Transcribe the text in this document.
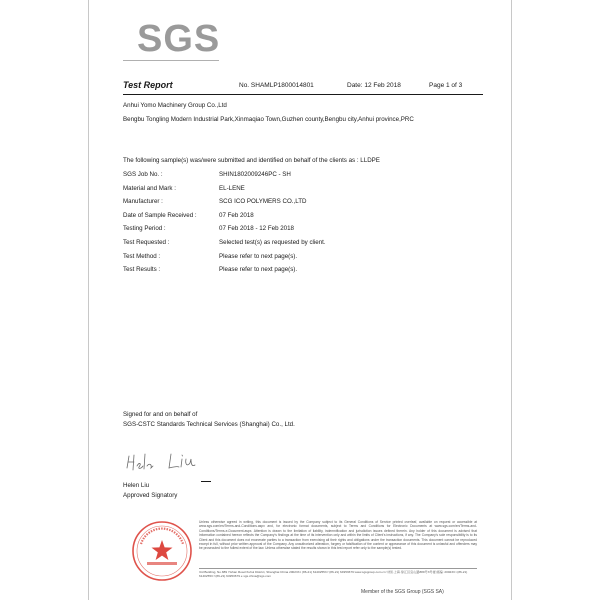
SGS
Test Report	No. SHAMLP1800014801	Date: 12 Feb 2018	Page 1 of 3
Anhui Yomo Machinery Group Co.,Ltd
Bengbu Tongling Modern Industrial Park,Xinmaqiao Town,Guzhen county,Bengbu city,Anhui province,PRC
The following sample(s) was/were submitted and identified on behalf of the clients as : LLDPE
SGS Job No. :	SHIN1802009246PC - SH
Material and Mark :	EL-LENE
Manufacturer :	SCG ICO POLYMERS CO.,LTD
Date of Sample Received :	07 Feb 2018
Testing Period :	07 Feb 2018 - 12 Feb 2018
Test Requested :	Selected test(s) as requested by client.
Test Method :	Please refer to next page(s).
Test Results :	Please refer to next page(s).
Signed for and on behalf of
SGS-CSTC Standards Technical Services (Shanghai) Co., Ltd.
Helen Liu
Approved Signatory
Unless otherwise agreed in writing, this document is issued by the Company subject to its General Conditions of Service printed overleaf, available on request or accessible at www.sgs.com/en/Terms-and-Conditions.aspx and, for electronic format documents, subject to Terms and Conditions for Electronic Documents at www.sgs.com/en/Terms-and-Conditions/Terms-e-Document.aspx. Attention is drawn to the limitation of liability, indemnification and jurisdiction issues defined therein. Any holder of this document is advised that information contained hereon reflects the Company's findings at the time of its intervention only and within the limits of Client's instructions, if any. The Company's sole responsibility is to its Client and this document does not exonerate parties to a transaction from exercising all their rights and obligations under the transaction documents. This document cannot be reproduced except in full, without prior written approval of the Company. Any unauthorized alteration, forgery or falsification of the content or appearance of this document is unlawful and offenders may be prosecuted to the fullest extent of the law. Unless otherwise stated the results shown in this test report refer only to the sample(s) tested.
3rd Building, No.889 Yishan Road Xuhui District, Shanghai China 200233 t (86-21) 61402553 f (86-21) 64953679 www.sgsgroup.com.cn 中国·上海·徐汇区宜山路889号3号楼 邮编: 200233 t (86-21) 61402553 f (86-21) 64953679 e sgs.china@sgs.com
Member of the SGS Group (SGS SA)
